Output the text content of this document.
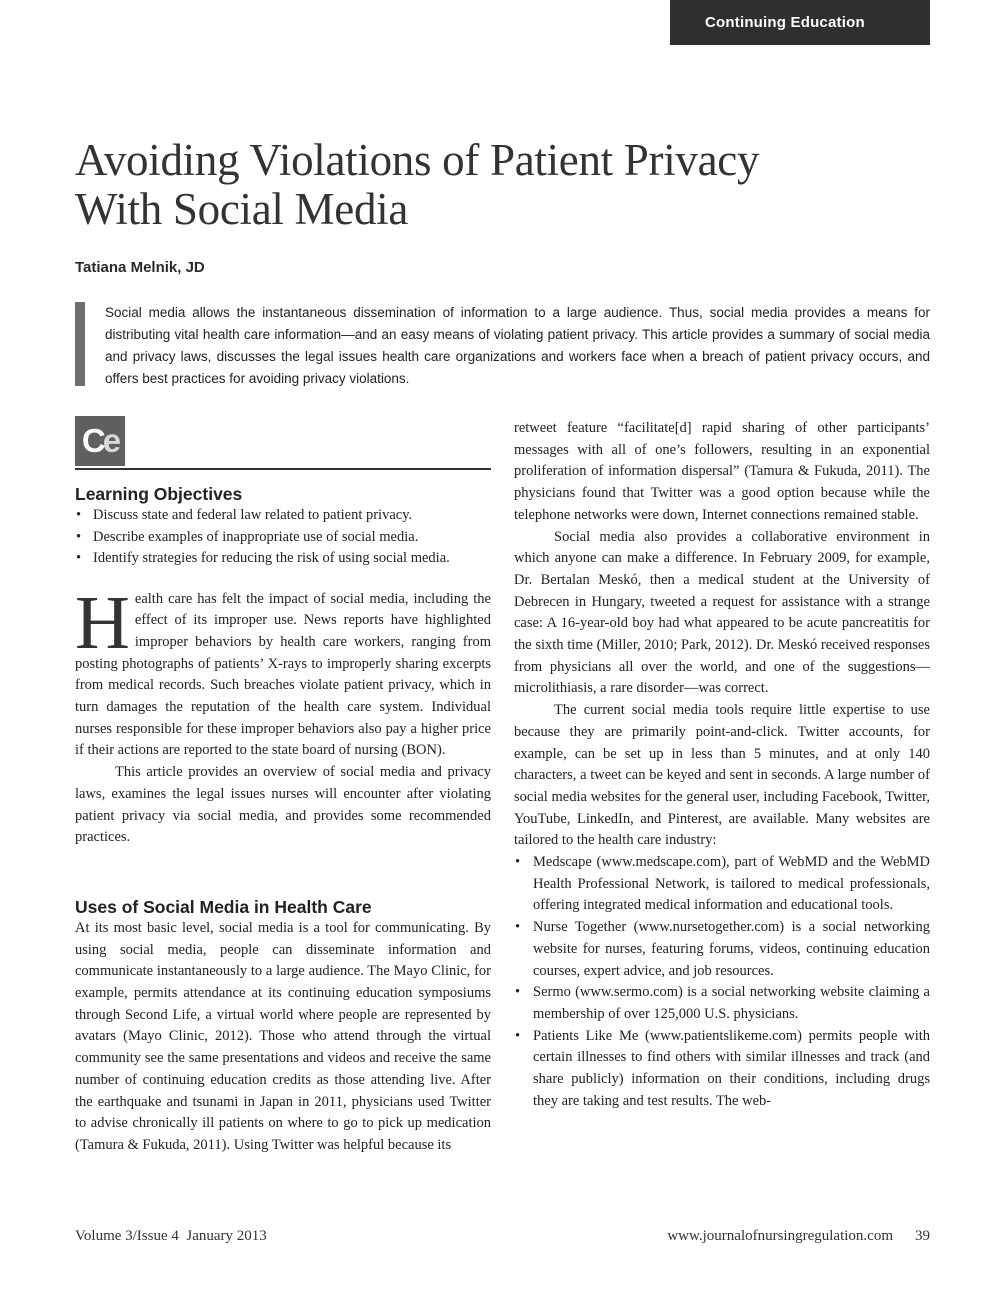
Continuing Education
Avoiding Violations of Patient Privacy
With Social Media
Tatiana Melnik, JD

Social media allows the instantaneous dissemination of information to a large audience. Thus, social media provides a means for distributing vital health care information—and an easy means of violating patient privacy. This article provides a summary of social media and privacy laws, discusses the legal issues health care organizations and workers face when a breach of patient privacy occurs, and offers best practices for avoiding privacy violations.

Ce
Learning Objectives
• Discuss state and federal law related to patient privacy.
• Describe examples of inappropriate use of social media.
• Identify strategies for reducing the risk of using social media.

Health care has felt the impact of social media, including the effect of its improper use. News reports have highlighted improper behaviors by health care workers, ranging from posting photographs of patients’ X-rays to improperly sharing excerpts from medical records. Such breaches violate patient privacy, which in turn damages the reputation of the health care system. Individual nurses responsible for these improper behaviors also pay a higher price if their actions are reported to the state board of nursing (BON).

This article provides an overview of social media and privacy laws, examines the legal issues nurses will encounter after violating patient privacy via social media, and provides some recommended practices.

Uses of Social Media in Health Care

At its most basic level, social media is a tool for communicating. By using social media, people can disseminate information and communicate instantaneously to a large audience. The Mayo Clinic, for example, permits attendance at its continuing education symposiums through Second Life, a virtual world where people are represented by avatars (Mayo Clinic, 2012). Those who attend through the virtual community see the same presentations and videos and receive the same number of continuing education credits as those attending live. After the earthquake and tsunami in Japan in 2011, physicians used Twitter to advise chronically ill patients on where to go to pick up medication (Tamura & Fukuda, 2011). Using Twitter was helpful because its

retweet feature “facilitate[d] rapid sharing of other participants’ messages with all of one’s followers, resulting in an exponential proliferation of information dispersal” (Tamura & Fukuda, 2011). The physicians found that Twitter was a good option because while the telephone networks were down, Internet connections remained stable.

Social media also provides a collaborative environment in which anyone can make a difference. In February 2009, for example, Dr. Bertalan Meskó, then a medical student at the University of Debrecen in Hungary, tweeted a request for assistance with a strange case: A 16-year-old boy had what appeared to be acute pancreatitis for the sixth time (Miller, 2010; Park, 2012). Dr. Meskó received responses from physicians all over the world, and one of the suggestions—microlithiasis, a rare disorder—was correct.

The current social media tools require little expertise to use because they are primarily point-and-click. Twitter accounts, for example, can be set up in less than 5 minutes, and at only 140 characters, a tweet can be keyed and sent in seconds. A large number of social media websites for the general user, including Facebook, Twitter, YouTube, LinkedIn, and Pinterest, are available. Many websites are tailored to the health care industry:

• Medscape (www.medscape.com), part of WebMD and the WebMD Health Professional Network, is tailored to medical professionals, offering integrated medical information and educational tools.
• Nurse Together (www.nursetogether.com) is a social networking website for nurses, featuring forums, videos, continuing education courses, expert advice, and job resources.
• Sermo (www.sermo.com) is a social networking website claiming a membership of over 125,000 U.S. physicians.
• Patients Like Me (www.patientslikeme.com) permits people with certain illnesses to find others with similar illnesses and track (and share publicly) information on their conditions, including drugs they are taking and test results. The web-
Volume 3/Issue 4 January 2013	www.journalofnursingregulation.com 39
